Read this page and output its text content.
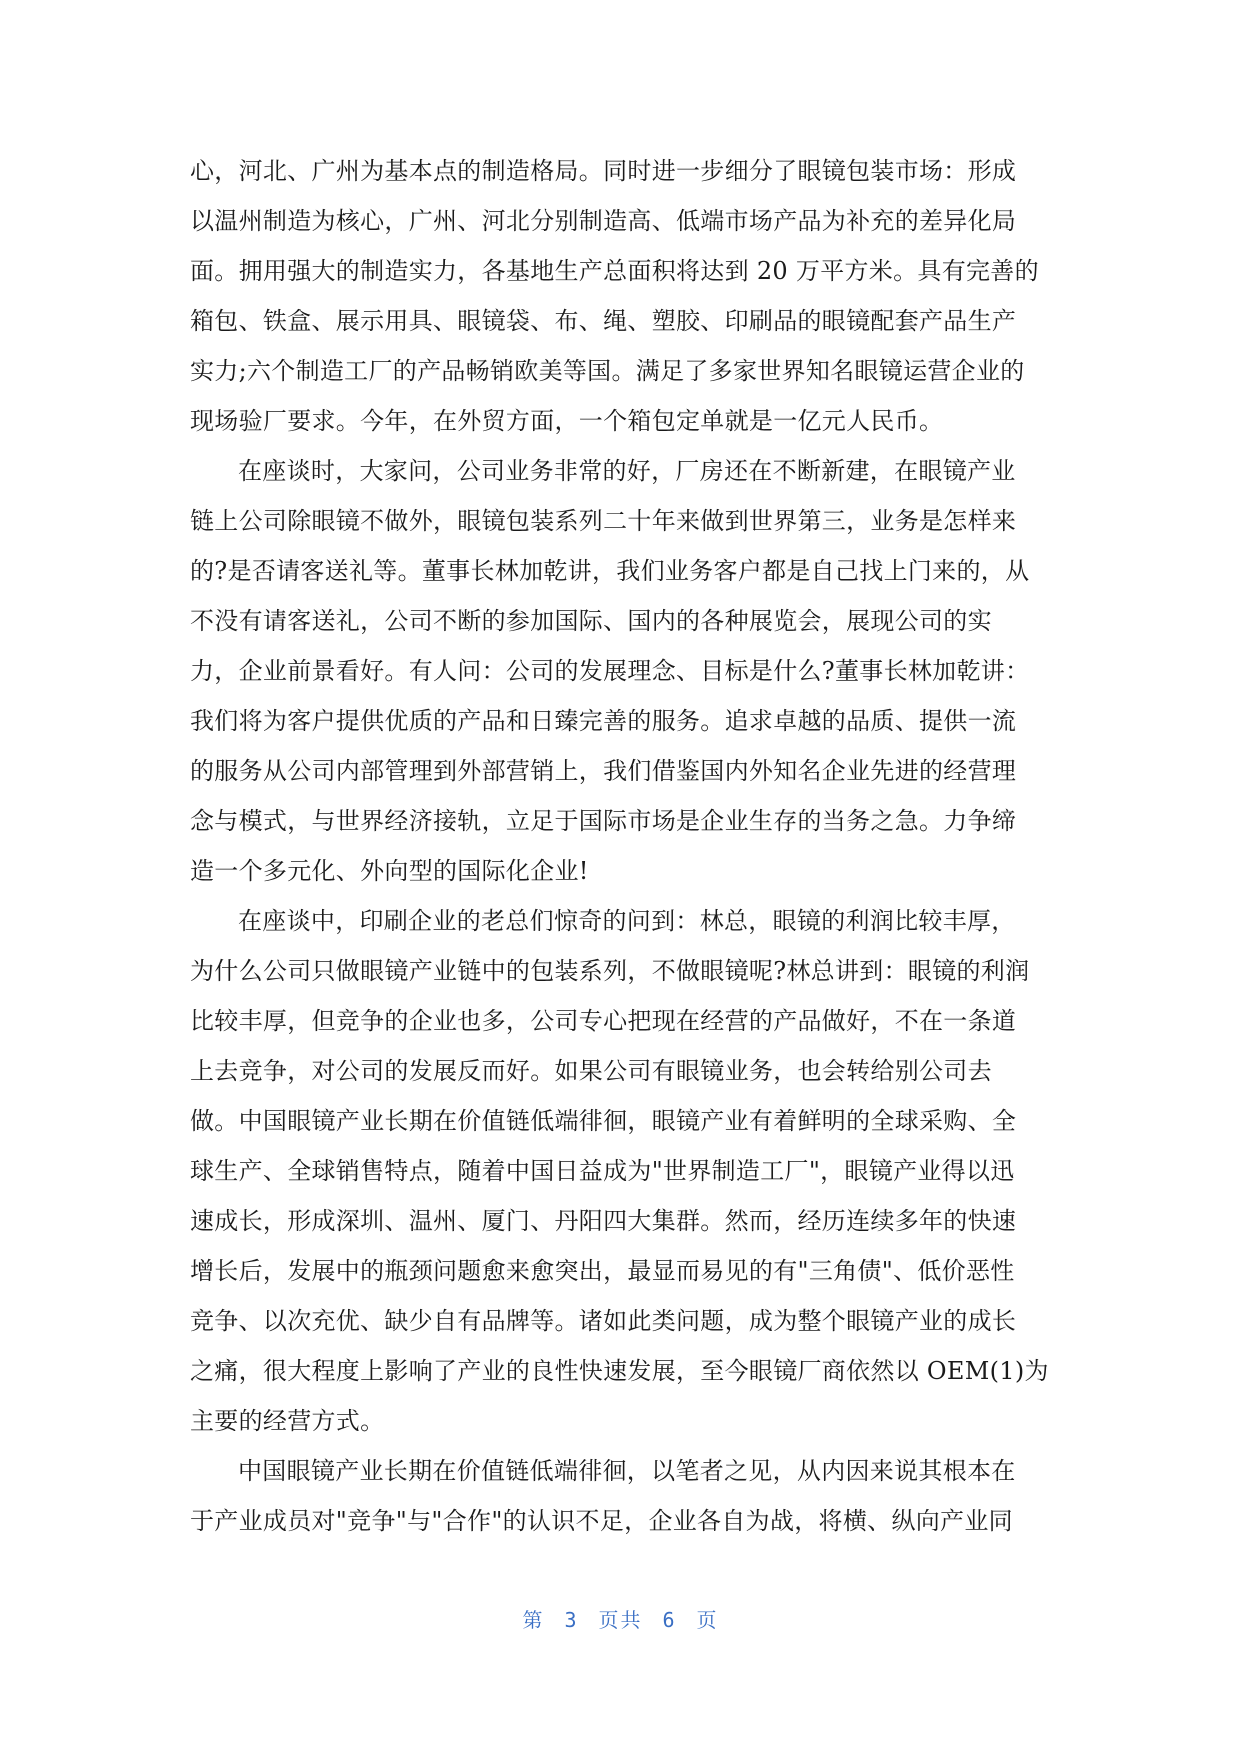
心，河北、广州为基本点的制造格局。同时进一步细分了眼镜包装市场：形成
以温州制造为核心，广州、河北分别制造高、低端市场产品为补充的差异化局
面。拥用强大的制造实力，各基地生产总面积将达到 20 万平方米。具有完善的
箱包、铁盒、展示用具、眼镜袋、布、绳、塑胶、印刷品的眼镜配套产品生产
实力;六个制造工厂的产品畅销欧美等国。满足了多家世界知名眼镜运营企业的
现场验厂要求。今年，在外贸方面，一个箱包定单就是一亿元人民币。
在座谈时，大家问，公司业务非常的好，厂房还在不断新建，在眼镜产业
链上公司除眼镜不做外，眼镜包装系列二十年来做到世界第三，业务是怎样来
的?是否请客送礼等。董事长林加乾讲，我们业务客户都是自己找上门来的，从
不没有请客送礼，公司不断的参加国际、国内的各种展览会，展现公司的实
力，企业前景看好。有人问：公司的发展理念、目标是什么?董事长林加乾讲：
我们将为客户提供优质的产品和日臻完善的服务。追求卓越的品质、提供一流
的服务从公司内部管理到外部营销上，我们借鉴国内外知名企业先进的经营理
念与模式，与世界经济接轨，立足于国际市场是企业生存的当务之急。力争缔
造一个多元化、外向型的国际化企业!
在座谈中，印刷企业的老总们惊奇的问到：林总，眼镜的利润比较丰厚，
为什么公司只做眼镜产业链中的包装系列，不做眼镜呢?林总讲到：眼镜的利润
比较丰厚，但竞争的企业也多，公司专心把现在经营的产品做好，不在一条道
上去竞争，对公司的发展反而好。如果公司有眼镜业务，也会转给别公司去
做。中国眼镜产业长期在价值链低端徘徊，眼镜产业有着鲜明的全球采购、全
球生产、全球销售特点，随着中国日益成为"世界制造工厂"，眼镜产业得以迅
速成长，形成深圳、温州、厦门、丹阳四大集群。然而，经历连续多年的快速
增长后，发展中的瓶颈问题愈来愈突出，最显而易见的有"三角债"、低价恶性
竞争、以次充优、缺少自有品牌等。诸如此类问题，成为整个眼镜产业的成长
之痛，很大程度上影响了产业的良性快速发展，至今眼镜厂商依然以 OEM(1)为
主要的经营方式。
中国眼镜产业长期在价值链低端徘徊，以笔者之见，从内因来说其根本在
于产业成员对"竞争"与"合作"的认识不足，企业各自为战，将横、纵向产业同
第 3 页共 6 页
